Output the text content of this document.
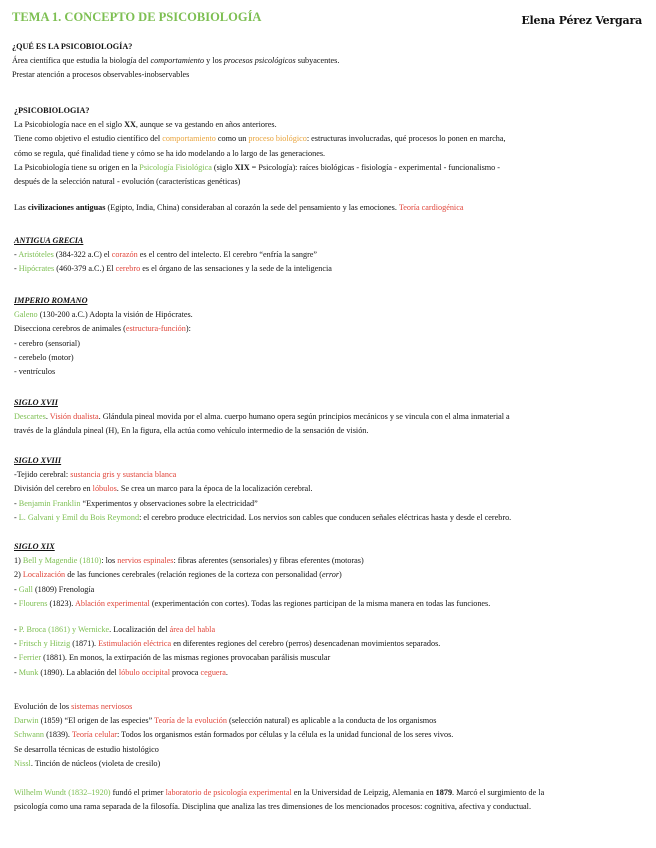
TEMA 1. CONCEPTO DE PSICOBIOLOGÍA	Elena Pérez Vergara
¿QUÉ ES LA PSICOBIOLOGÍA?
Área científica que estudia la biología del comportamiento y los procesos psicológicos subyacentes.
Prestar atención a procesos observables-inobservables
¿PSICOBIOLOGIA?
La Psicobiología nace en el siglo XX, aunque se va gestando en años anteriores.
Tiene como objetivo el estudio científico del comportamiento como un proceso biológico: estructuras involucradas, qué procesos lo ponen en marcha,
cómo se regula, qué finalidad tiene y cómo se ha ido modelando a lo largo de las generaciones.
La Psicobiología tiene su origen en la Psicología Fisiológica (siglo XIX = Psicología): raíces biológicas - fisiología - experimental - funcionalismo -
después de la selección natural - evolución (características genéticas)
Las civilizaciones antiguas (Egipto, India, China) consideraban al corazón la sede del pensamiento y las emociones. Teoría cardiogénica
ANTIGUA GRECIA
- Aristóteles (384-322 a.C) el corazón es el centro del intelecto. El cerebro “enfría la sangre”
- Hipócrates (460-379 a.C.) El cerebro es el órgano de las sensaciones y la sede de la inteligencia
IMPERIO ROMANO
Galeno (130-200 a.C.) Adopta la visión de Hipócrates.
Disecciona cerebros de animales (estructura-función):
- cerebro (sensorial)
- cerebelo (motor)
- ventrículos
SIGLO XVII
Descartes. Visión dualista. Glándula pineal movida por el alma. cuerpo humano opera según principios mecánicos y se vincula con el alma inmaterial a
través de la glándula pineal (H), En la figura, ella actúa como vehículo intermedio de la sensación de visión.
SIGLO XVIII
-Tejido cerebral: sustancia gris y sustancia blanca
División del cerebro en lóbulos. Se crea un marco para la época de la localización cerebral.
- Benjamin Franklin “Experimentos y observaciones sobre la electricidad”
- L. Galvani y Emil du Bois Reymond: el cerebro produce electricidad. Los nervios son cables que conducen señales eléctricas hasta y desde el cerebro.
SIGLO XIX
1) Bell y Magendie (1810): los nervios espinales: fibras aferentes (sensoriales) y fibras eferentes (motoras)
2) Localización de las funciones cerebrales (relación regiones de la corteza con personalidad (error)
- Gall (1809) Frenología
- Flourens (1823). Ablación experimental (experimentación con cortes). Todas las regiones participan de la misma manera en todas las funciones.
- P. Broca (1861) y Wernicke. Localización del área del habla
- Fritsch y Hitzig (1871). Estimulación eléctrica en diferentes regiones del cerebro (perros) desencadenan movimientos separados.
- Ferrier (1881). En monos, la extirpación de las mismas regiones provocaban parálisis muscular
- Munk (1890). La ablación del lóbulo occipital provoca ceguera.
Evolución de los sistemas nerviosos
Darwin (1859) “El origen de las especies” Teoría de la evolución (selección natural) es aplicable a la conducta de los organismos
Schwann (1839). Teoría celular: Todos los organismos están formados por células y la célula es la unidad funcional de los seres vivos.
Se desarrolla técnicas de estudio histológico
Nissl. Tinción de núcleos (violeta de cresilo)
Wilhelm Wundt (1832–1920) fundó el primer laboratorio de psicología experimental en la Universidad de Leipzig, Alemania en 1879. Marcó el surgimiento de la
psicología como una rama separada de la filosofía. Disciplina que analiza las tres dimensiones de los mencionados procesos: cognitiva, afectiva y conductual.
